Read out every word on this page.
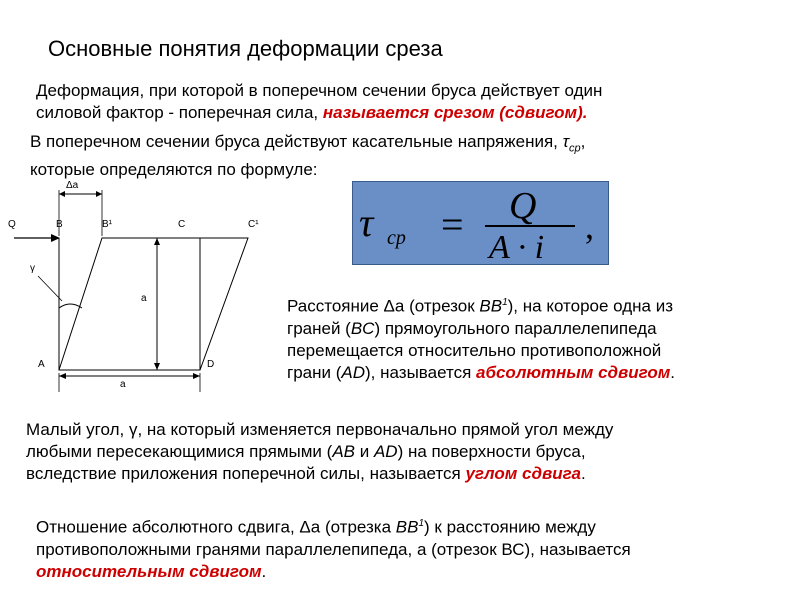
Основные понятия деформации среза
Деформация, при которой в поперечном сечении бруса действует один
силовой фактор - поперечная сила, называется срезом (сдвигом).
В поперечном сечении бруса действуют касательные напряжения, $\tau_{ср}$,
которые определяются по формуле:
τ ср = Q
A · i
,
Δa
Q	B	B¹	C	C¹
γ
a
A	D
a
Расстояние Δa (отрезок $BB^1$), на которое одна из
граней (BC) прямоугольного параллелепипеда
перемещается относительно противоположной
грани (AD), называется абсолютным сдвигом.
Малый угол, γ, на который изменяется первоначально прямой угол между
любыми пересекающимися прямыми (AB и AD) на поверхности бруса,
вследствие приложения поперечной силы, называется углом сдвига.
Отношение абсолютного сдвига, Δa (отрезка $BB^1$) к расстоянию между
противоположными гранями параллелепипеда, а (отрезок ВС), называется
относительным сдвигом.
